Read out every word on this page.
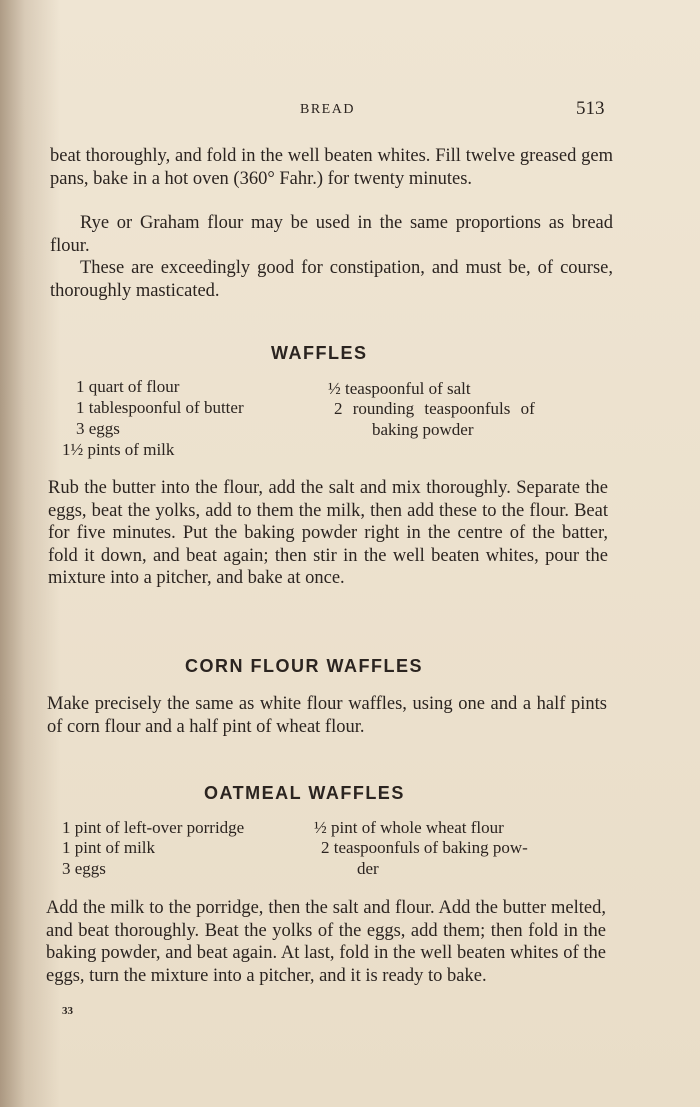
BREAD	513
beat thoroughly, and fold in the well beaten whites. Fill twelve greased gem pans, bake in a hot oven (360° Fahr.) for twenty minutes.
Rye or Graham flour may be used in the same proportions as bread flour.
These are exceedingly good for constipation, and must be, of course, thoroughly masticated.
WAFFLES
1 quart of flour
1 tablespoonful of butter
3 eggs
1½ pints of milk
½ teaspoonful of salt
2 rounding teaspoonfuls of
baking powder
Rub the butter into the flour, add the salt and mix thoroughly. Separate the eggs, beat the yolks, add to them the milk, then add these to the flour. Beat for five minutes. Put the baking powder right in the centre of the batter, fold it down, and beat again; then stir in the well beaten whites, pour the mixture into a pitcher, and bake at once.
CORN FLOUR WAFFLES
Make precisely the same as white flour waffles, using one and a half pints of corn flour and a half pint of wheat flour.
OATMEAL WAFFLES
1 pint of left-over porridge
1 pint of milk
3 eggs
½ pint of whole wheat flour
2 teaspoonfuls of baking pow-
der
Add the milk to the porridge, then the salt and flour. Add the butter melted, and beat thoroughly. Beat the yolks of the eggs, add them; then fold in the baking powder, and beat again. At last, fold in the well beaten whites of the eggs, turn the mixture into a pitcher, and it is ready to bake.
33
